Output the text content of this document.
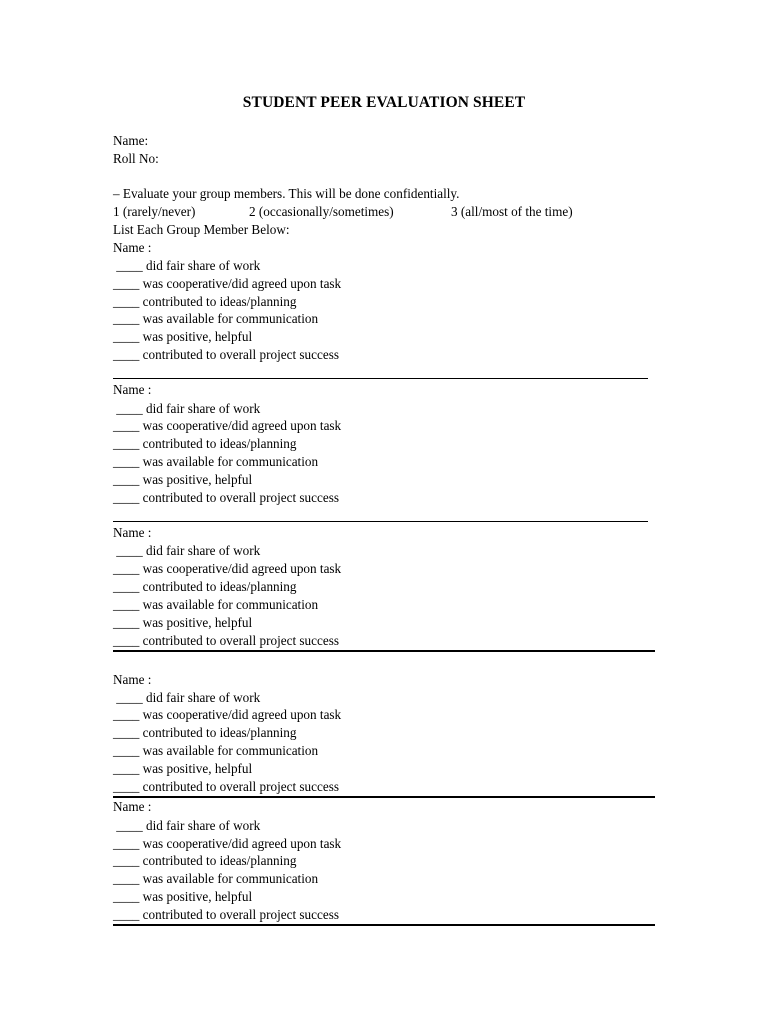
STUDENT PEER EVALUATION SHEET
Name:
Roll No:
– Evaluate your group members. This will be done confidentially.
1 (rarely/never)	2 (occasionally/sometimes)	3 (all/most of the time)
List Each Group Member Below:
Name :
____ did fair share of work
____ was cooperative/did agreed upon task
____ contributed to ideas/planning
____ was available for communication
____ was positive, helpful
____ contributed to overall project success
Name :
____ did fair share of work
____ was cooperative/did agreed upon task
____ contributed to ideas/planning
____ was available for communication
____ was positive, helpful
____ contributed to overall project success
Name :
____ did fair share of work
____ was cooperative/did agreed upon task
____ contributed to ideas/planning
____ was available for communication
____ was positive, helpful
____ contributed to overall project success
Name :
____ did fair share of work
____ was cooperative/did agreed upon task
____ contributed to ideas/planning
____ was available for communication
____ was positive, helpful
____ contributed to overall project success
Name :
____ did fair share of work
____ was cooperative/did agreed upon task
____ contributed to ideas/planning
____ was available for communication
____ was positive, helpful
____ contributed to overall project success
